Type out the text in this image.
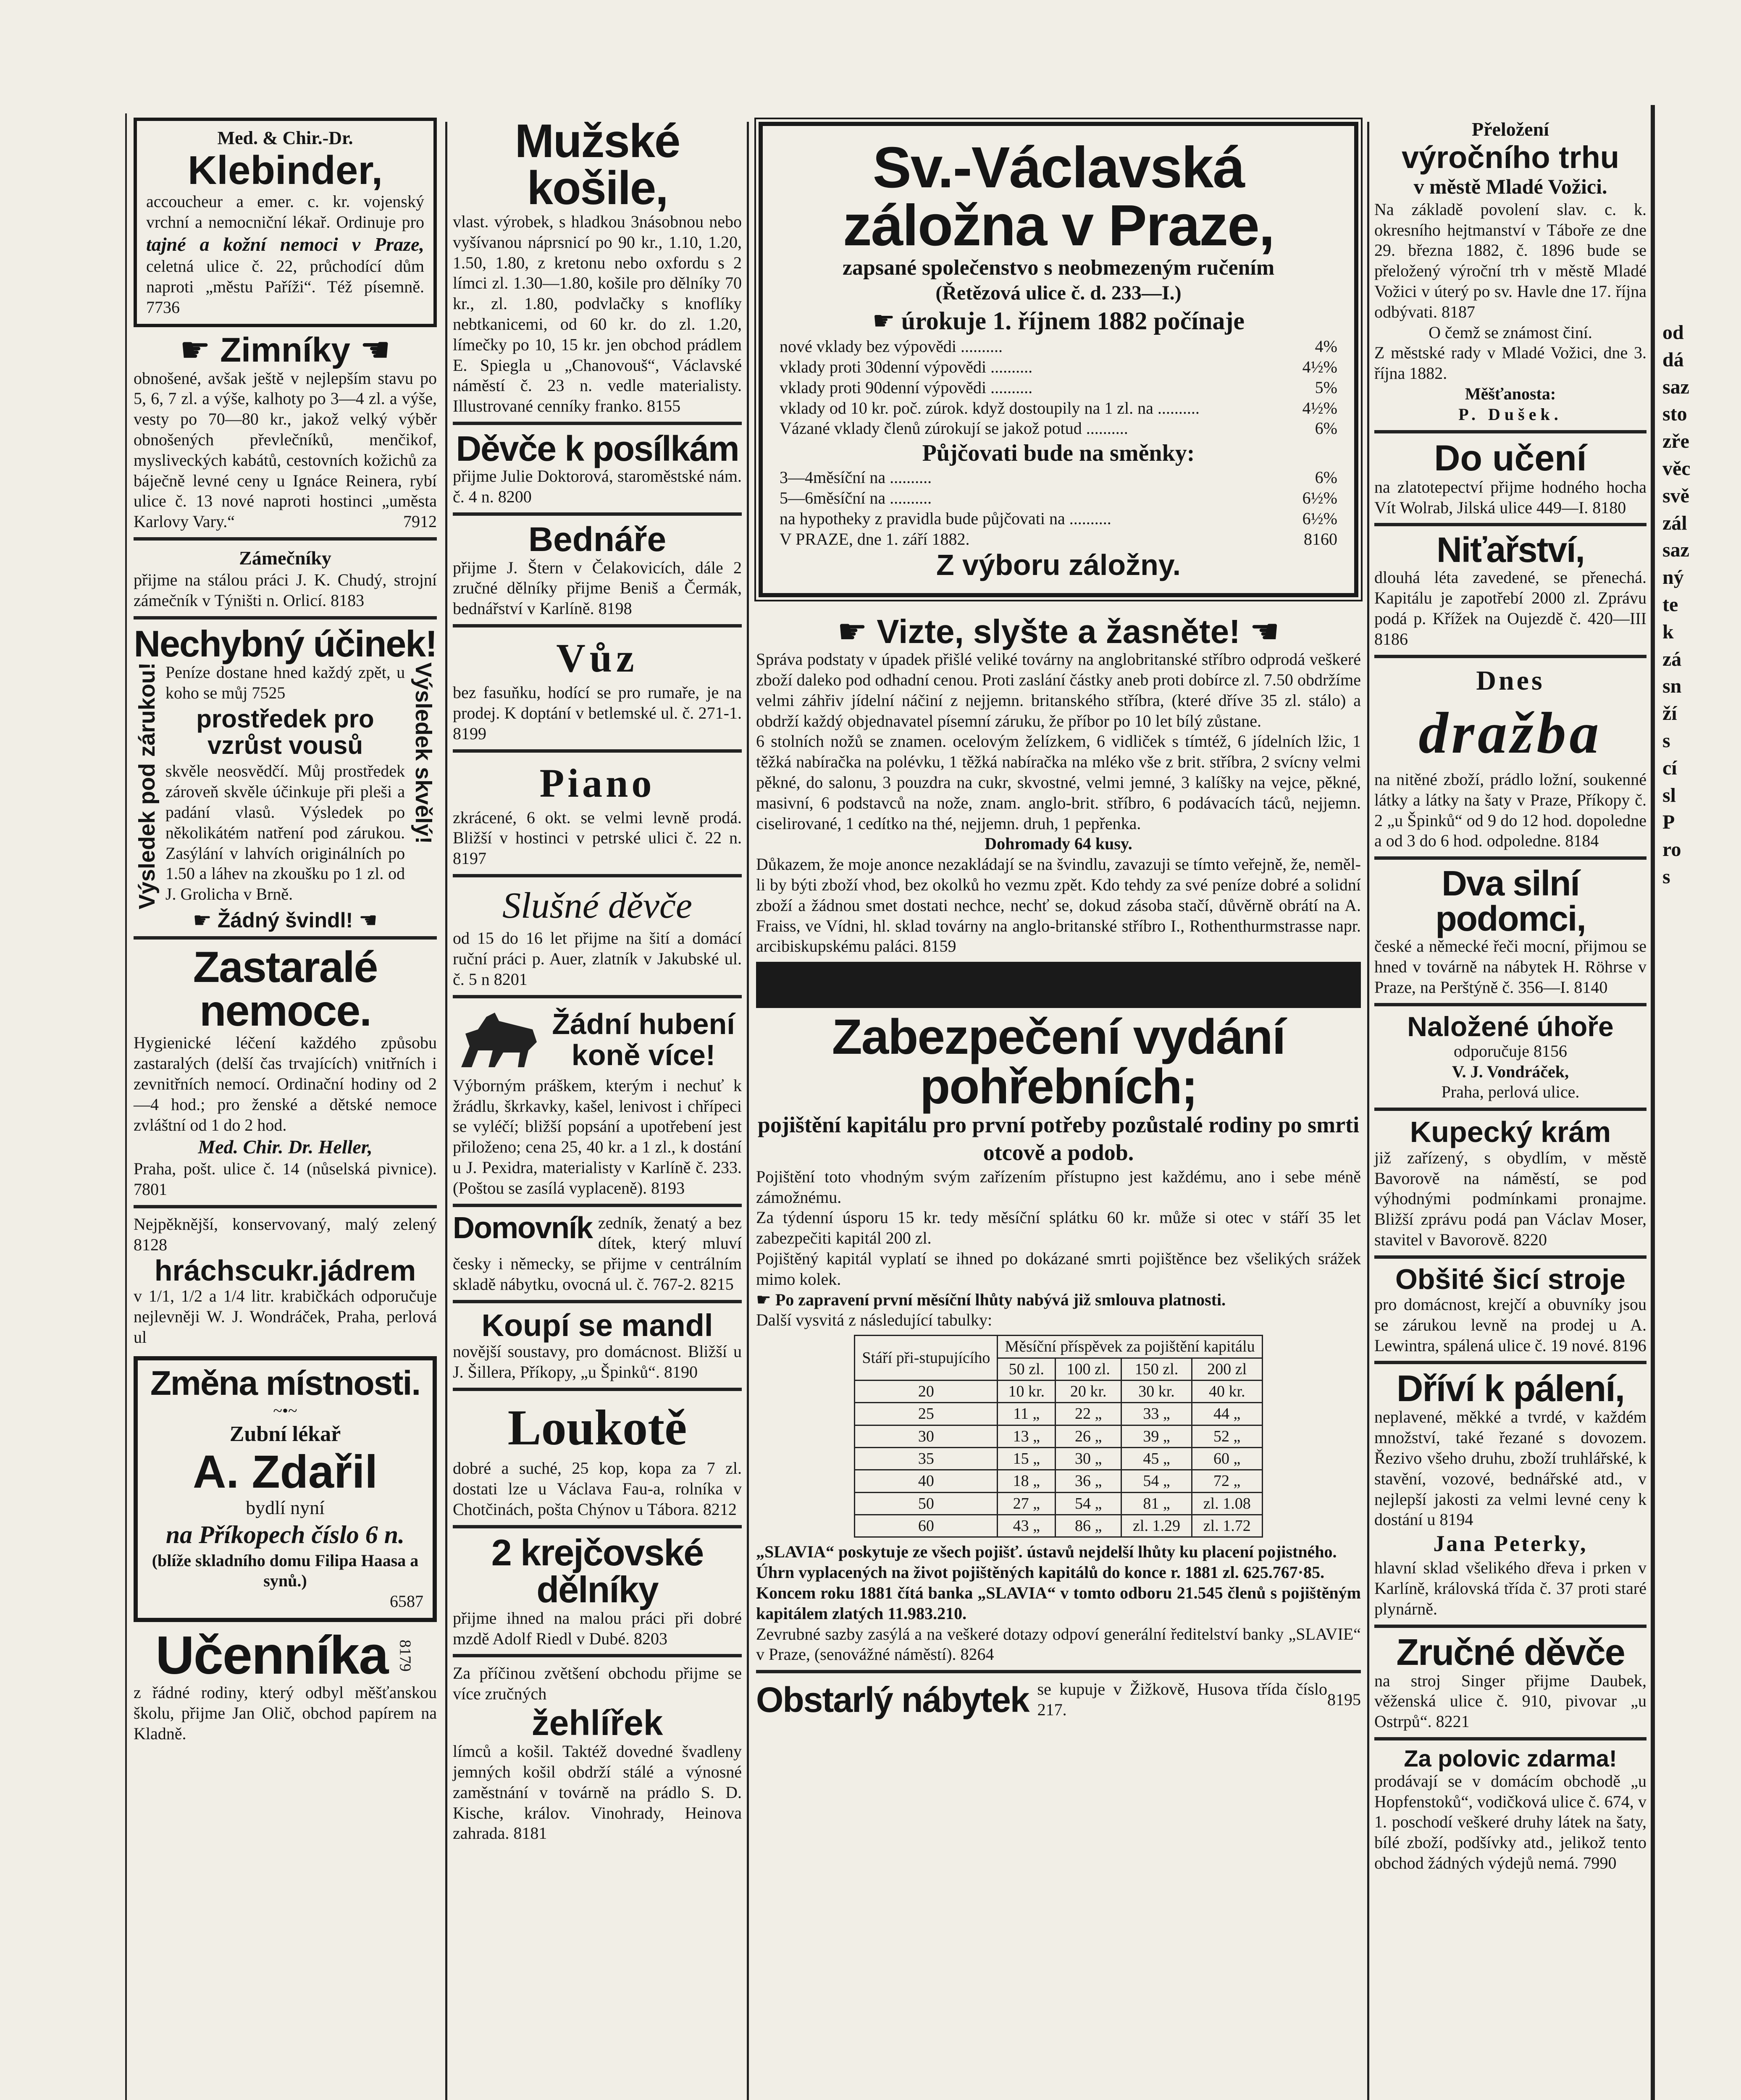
Med. & Chir.-Dr.
Klebinder,

accoucheur a emer. c. kr. vojenský vrchní a nemocniční lékař. Ordinuje pro tajné a kožní nemoci v Praze, celetná ulice č. 22, průchodící dům naproti „městu Paříži“. Též písemně. 7736

☛ Zimníky ☚

obnošené, avšak ještě v nejlepším stavu po 5, 6, 7 zl. a výše, kalhoty po 3—4 zl. a výše, vesty po 70—80 kr., jakož velký výběr obnošených převlečníků, menčikof, mysliveckých kabátů, cestovních kožichů za báječně levné ceny u Ignáce Reinera, rybí ulice č. 13 nové naproti hostinci „uměsta Karlovy Vary.“	7912

Zámečníky

přijme na stálou práci J. K. Chudý, strojní zámečník v Týništi n. Orlicí. 8183

Nechybný účinek!
Výsledek pod zárukou! Peníze dostane hned každý zpět, u koho se můj 7525

prostředek pro vzrůst vousů

skvěle neosvědčí. Můj prostředek zároveň skvěle účinkuje při pleši a padání vlasů. Výsledek po několikátém natření pod zárukou. Zasýlání v lahvích originálních po 1.50 a láhev na zkoušku po 1 zl. od J. Grolicha v Brně.

Výsledek skvělý!
☛ Žádný švindl! ☚
Zastaralé nemoce.

Hygienické léčení každého způsobu zastaralých (delší čas trvajících) vnitřních i zevnitřních nemocí. Ordinační hodiny od 2—4 hod.; pro ženské a dětské nemoce zvláštní od 1 do 2 hod.

Med. Chir. Dr. Heller,

Praha, pošt. ulice č. 14 (nůselská pivnice). 7801

Nejpěknější, konservovaný, malý zelený 8128

hráchscukr.jádrem

v 1/1, 1/2 a 1/4 litr. krabičkách odporučuje nejlevněji W. J. Wondráček, Praha, perlová ul

Změna místnosti.
~•~
Zubní lékař
A. Zdařil
bydlí nyní
na Příkopech číslo 6 n.
(blíže skladního domu Filipa Haasa a synů.)
6587
Učenníka 8179

z řádné rodiny, který odbyl měšťanskou školu, přijme Jan Olič, obchod papírem na Kladně.

Mužské košile,

vlast. výrobek, s hladkou 3násobnou nebo vyšívanou náprsnicí po 90 kr., 1.10, 1.20, 1.50, 1.80, z kretonu nebo oxfordu s 2 límci zl. 1.30—1.80, košile pro dělníky 70 kr., zl. 1.80, podvlačky s knoflíky nebtkanicemi, od 60 kr. do zl. 1.20, límečky po 10, 15 kr. jen obchod prádlem E. Spiegla u „Chanovouš“, Václavské náměstí č. 23 n. vedle materialisty. Illustrované cenníky franko. 8155

Děvče k posílkám

přijme Julie Doktorová, staroměstské nám. č. 4 n. 8200

Bednáře

přijme J. Štern v Čelakovicích, dále 2 zručné dělníky přijme Beniš a Čermák, bednářství v Karlíně. 8198

Vůz

bez fasuňku, hodící se pro rumaře, je na prodej. K doptání v betlemské ul. č. 271-1. 8199

Piano

zkrácené, 6 okt. se velmi levně prodá. Bližší v hostinci v petrské ulici č. 22 n. 8197

Slušné děvče

od 15 do 16 let přijme na šití a domácí ruční práci p. Auer, zlatník v Jakubské ul. č. 5 n 8201

Žádní hubení koně více!

Výborným práškem, kterým i nechuť k žrádlu, škrkavky, kašel, lenivost i chřípeci se vyléčí; bližší popsání a upotřebení jest přiloženo; cena 25, 40 kr. a 1 zl., k dostání u J. Pexidra, materialisty v Karlíně č. 233. (Poštou se zasílá vyplaceně). 8193

Domovník zedník, ženatý a bez dítek, který mluví česky i německy, se přijme v centrálním skladě nábytku, ovocná ul. č. 767-2. 8215

Koupí se mandl

novější soustavy, pro domácnost. Bližší u J. Šillera, Příkopy, „u Špinků“. 8190

Loukotě

dobré a suché, 25 kop, kopa za 7 zl. dostati lze u Václava Fau-a, rolníka v Chotčinách, pošta Chýnov u Tábora. 8212

2 krejčovské dělníky

přijme ihned na malou práci při dobré mzdě Adolf Riedl v Dubé. 8203

Za příčinou zvětšení obchodu přijme se více zručných

žehlířek

límců a košil. Taktéž dovedné švadleny jemných košil obdrží stálé a výnosné zaměstnání v továrně na prádlo S. D. Kische, králov. Vinohrady, Heinova zahrada. 8181

Sv.-Václavská záložna v Praze,
zapsané společenstvo s neobmezeným ručením
(Řetězová ulice č. d. 233—I.)
☛ úrokuje 1. říjnem 1882 počínaje
nové vklady bez výpovědi ..........	4%
vklady proti 30denní výpovědi ..........	4½%
vklady proti 90denní výpovědi ..........	5%
vklady od 10 kr. poč. zúrok. když dostoupily na 1 zl. na ..........	4½%
Vázané vklady členů zúrokují se jakož potud ..........	6%
Půjčovati bude na směnky:
3—4měsíční na ..........	6%
5—6měsíční na ..........	6½%
na hypotheky z pravidla bude půjčovati na ..........	6½%
V PRAZE, dne 1. září 1882.	8160
Z výboru záložny.
☛ Vizte, slyšte a žasněte! ☚

Správa podstaty v úpadek přišlé veliké továrny na anglobritanské stříbro odprodá veškeré zboží daleko pod odhadní cenou. Proti zaslání částky aneb proti dobírce zl. 7.50 obdržíme velmi záhřiv jídelní náčiní z nejjemn. britanského stříbra, (které dříve 35 zl. stálo) a obdrží každý objednavatel písemní záruku, že příbor po 10 let bílý zůstane.

6 stolních nožů se znamen. ocelovým želízkem, 6 vidliček s tímtéž, 6 jídelních lžic, 1 těžká nabíračka na polévku, 1 těžká nabíračka na mléko vše z brit. stříbra, 2 svícny velmi pěkné, do salonu, 3 pouzdra na cukr, skvostné, velmi jemné, 3 kalíšky na vejce, pěkné, masivní, 6 podstavců na nože, znam. anglo-brit. stříbro, 6 podávacích táců, nejjemn. ciselirované, 1 cedítko na thé, nejjemn. druh, 1 pepřenka.

Dohromady 64 kusy.

Důkazem, že moje anonce nezakládají se na švindlu, zavazuji se tímto veřejně, že, neměl-li by býti zboží vhod, bez okolků ho vezmu zpět. Kdo tehdy za své peníze dobré a solidní zboží a žádnou smet dostati nechce, nechť se, dokud zásoba stačí, důvěrně obrátí na A. Fraiss, ve Vídni, hl. sklad továrny na anglo-britanské stříbro I., Rothenthurmstrasse napr. arcibiskupskému paláci. 8159

Zabezpečení vydání pohřebních;
pojištění kapitálu pro první potřeby pozůstalé rodiny po smrti otcově a podob.

Pojištění toto vhodným svým zařízením přístupno jest každému, ano i sebe méně zámožnému.

Za týdenní úsporu 15 kr. tedy měsíční splátku 60 kr. může si otec v stáří 35 let zabezpečiti kapitál 200 zl.

Pojištěný kapitál vyplatí se ihned po dokázané smrti pojištěnce bez všelikých srážek mimo kolek.

☛ Po zapravení první měsíční lhůty nabývá již smlouva platnosti.

Další vysvitá z následující tabulky:

Stáří při-stupujícího	Měsíční příspěvek za pojištění kapitálu			
	50 zl.	100 zl.	150 zl.	200 zl
20	10 kr.	20 kr.	30 kr.	40 kr.
25	11 „	22 „	33 „	44 „
30	13 „	26 „	39 „	52 „
35	15 „	30 „	45 „	60 „
40	18 „	36 „	54 „	72 „
50	27 „	54 „	81 „	zl. 1.08
60	43 „	86 „	zl. 1.29	zl. 1.72

„SLAVIA“ poskytuje ze všech pojišť. ústavů nejdelší lhůty ku placení pojistného.

Úhrn vyplacených na život pojištěných kapitálů do konce r. 1881 zl. 625.767·85.

Koncem roku 1881 čítá banka „SLAVIA“ v tomto odboru 21.545 členů s pojištěným kapitálem zlatých 11.983.210.

Zevrubné sazby zasýlá a na veškeré dotazy odpoví generální ředitelství banky „SLAVIE“ v Praze, (senovážné náměstí). 8264

Obstarlý nábytek se kupuje v Žižkově, Husova třída číslo 217.
8195
Přeložení
výročního trhu
v městě Mladé Vožici.

Na základě povolení slav. c. k. okresního hejtmanství v Táboře ze dne 29. března 1882, č. 1896 bude se přeložený výroční trh v městě Mladé Vožici v úterý po sv. Havle dne 17. října odbývati. 8187

O čemž se známost činí.

Z městské rady v Mladé Vožici, dne 3. října 1882.

Měšťanosta:
P. Dušek.
Do učení

na zlatotepectví přijme hodného hocha Vít Wolrab, Jilská ulice 449—I. 8180

Niťařství,

dlouhá léta zavedené, se přenechá. Kapitálu je zapotřebí 2000 zl. Zprávu podá p. Křížek na Oujezdě č. 420—III 8186

Dnes
dražba

na nitěné zboží, prádlo ložní, soukenné látky a látky na šaty v Praze, Příkopy č. 2 „u Špinků“ od 9 do 12 hod. dopoledne a od 3 do 6 hod. odpoledne. 8184

Dva silní podomci,

české a německé řeči mocní, přijmou se hned v továrně na nábytek H. Röhrse v Praze, na Perštýně č. 356—I. 8140

Naložené úhoře

odporučuje 8156

V. J. Vondráček,
Praha, perlová ulice.
Kupecký krám

již zařízený, s obydlím, v městě Bavorově na náměstí, se pod výhodnými podmínkami pronajme. Bližší zprávu podá pan Václav Moser, stavitel v Bavorově. 8220

Obšité šicí stroje

pro domácnost, krejčí a obuvníky jsou se zárukou levně na prodej u A. Lewintra, spálená ulice č. 19 nové. 8196

Dříví k pálení,

neplavené, měkké a tvrdé, v každém množství, také řezané s dovozem. Řezivo všeho druhu, zboží truhlářské, k stavění, vozové, bednářské atd., v nejlepší jakosti za velmi levné ceny k dostání u 8194

Jana Peterky,

hlavní sklad všelikého dřeva i prken v Karlíně, královská třída č. 37 proti staré plynárně.

Zručné děvče

na stroj Singer přijme Daubek, věženská ulice č. 910, pivovar „u Ostrpů“. 8221

Za polovic zdarma!

prodávají se v domácím obchodě „u Hopfenstoků“, vodičková ulice č. 674, v 1. poschodí veškeré druhy látek na šaty, bílé zboží, podšívky atd., jelikož tento obchod žádných výdejů nemá. 7990

od
dá
saz
sto
zře
věc
svě
zál
saz
ný
te
k
zá
sn
ží
s
cí
sl
P
ro
s
